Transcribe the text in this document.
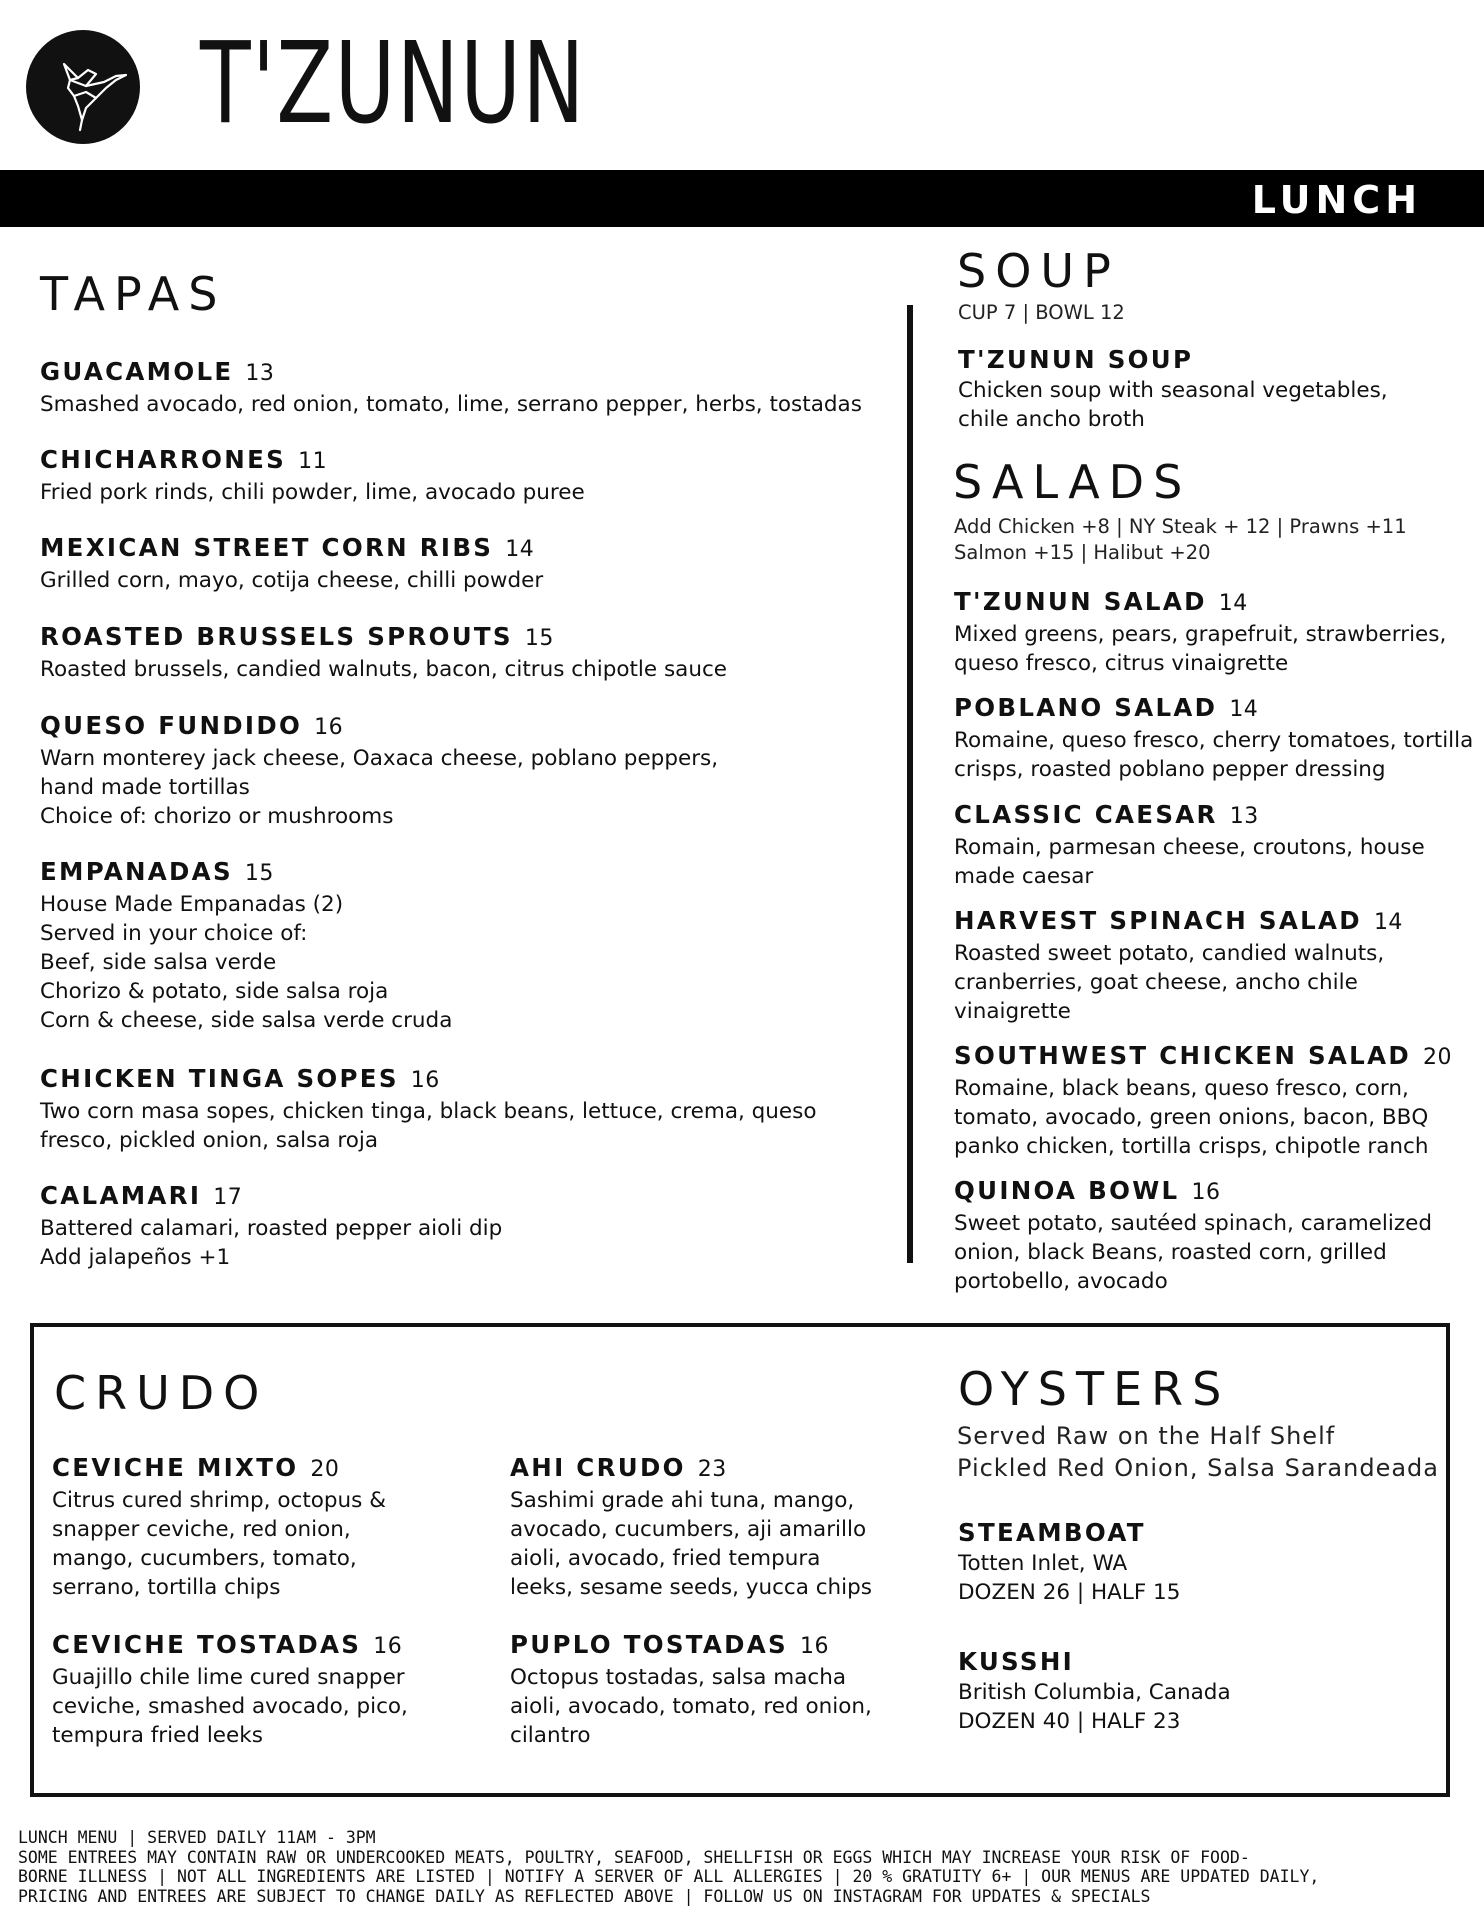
T'ZUNUN
LUNCH
TAPAS
GUACAMOLE 13
Smashed avocado, red onion, tomato, lime, serrano pepper, herbs, tostadas
CHICHARRONES 11
Fried pork rinds, chili powder, lime, avocado puree
MEXICAN STREET CORN RIBS 14
Grilled corn, mayo, cotija cheese, chilli powder
ROASTED BRUSSELS SPROUTS 15
Roasted brussels, candied walnuts, bacon, citrus chipotle sauce
QUESO FUNDIDO 16
Warn monterey jack cheese, Oaxaca cheese, poblano peppers,
hand made tortillas
Choice of: chorizo or mushrooms
EMPANADAS 15
House Made Empanadas (2)
Served in your choice of:
Beef, side salsa verde
Chorizo & potato, side salsa roja
Corn & cheese, side salsa verde cruda
CHICKEN TINGA SOPES 16
Two corn masa sopes, chicken tinga, black beans, lettuce, crema, queso
fresco, pickled onion, salsa roja
CALAMARI 17
Battered calamari, roasted pepper aioli dip
Add jalapeños +1
SOUP
CUP 7 | BOWL 12
T'ZUNUN SOUP
Chicken soup with seasonal vegetables,
chile ancho broth
SALADS
Add Chicken +8 | NY Steak + 12 | Prawns +11
Salmon +15 | Halibut +20
T'ZUNUN SALAD 14
Mixed greens, pears, grapefruit, strawberries,
queso fresco, citrus vinaigrette
POBLANO SALAD 14
Romaine, queso fresco, cherry tomatoes, tortilla
crisps, roasted poblano pepper dressing
CLASSIC CAESAR 13
Romain, parmesan cheese, croutons, house
made caesar
HARVEST SPINACH SALAD 14
Roasted sweet potato, candied walnuts,
cranberries, goat cheese, ancho chile
vinaigrette
SOUTHWEST CHICKEN SALAD 20
Romaine, black beans, queso fresco, corn,
tomato, avocado, green onions, bacon, BBQ
panko chicken, tortilla crisps, chipotle ranch
QUINOA BOWL 16
Sweet potato, sautéed spinach, caramelized
onion, black Beans, roasted corn, grilled
portobello, avocado
CRUDO
CEVICHE MIXTO 20
Citrus cured shrimp, octopus &
snapper ceviche, red onion,
mango, cucumbers, tomato,
serrano, tortilla chips
AHI CRUDO 23
Sashimi grade ahi tuna, mango,
avocado, cucumbers, aji amarillo
aioli, avocado, fried tempura
leeks, sesame seeds, yucca chips
CEVICHE TOSTADAS 16
Guajillo chile lime cured snapper
ceviche, smashed avocado, pico,
tempura fried leeks
PUPLO TOSTADAS 16
Octopus tostadas, salsa macha
aioli, avocado, tomato, red onion,
cilantro
OYSTERS
Served Raw on the Half Shelf
Pickled Red Onion, Salsa Sarandeada
STEAMBOAT
Totten Inlet, WA
DOZEN 26 | HALF 15
KUSSHI
British Columbia, Canada
DOZEN 40 | HALF 23
LUNCH MENU | SERVED DAILY 11AM - 3PM
SOME ENTREES MAY CONTAIN RAW OR UNDERCOOKED MEATS, POULTRY, SEAFOOD, SHELLFISH OR EGGS WHICH MAY INCREASE YOUR RISK OF FOOD-
BORNE ILLNESS | NOT ALL INGREDIENTS ARE LISTED | NOTIFY A SERVER OF ALL ALLERGIES | 20 % GRATUITY 6+ | OUR MENUS ARE UPDATED DAILY,
PRICING AND ENTREES ARE SUBJECT TO CHANGE DAILY AS REFLECTED ABOVE | FOLLOW US ON INSTAGRAM FOR UPDATES & SPECIALS
